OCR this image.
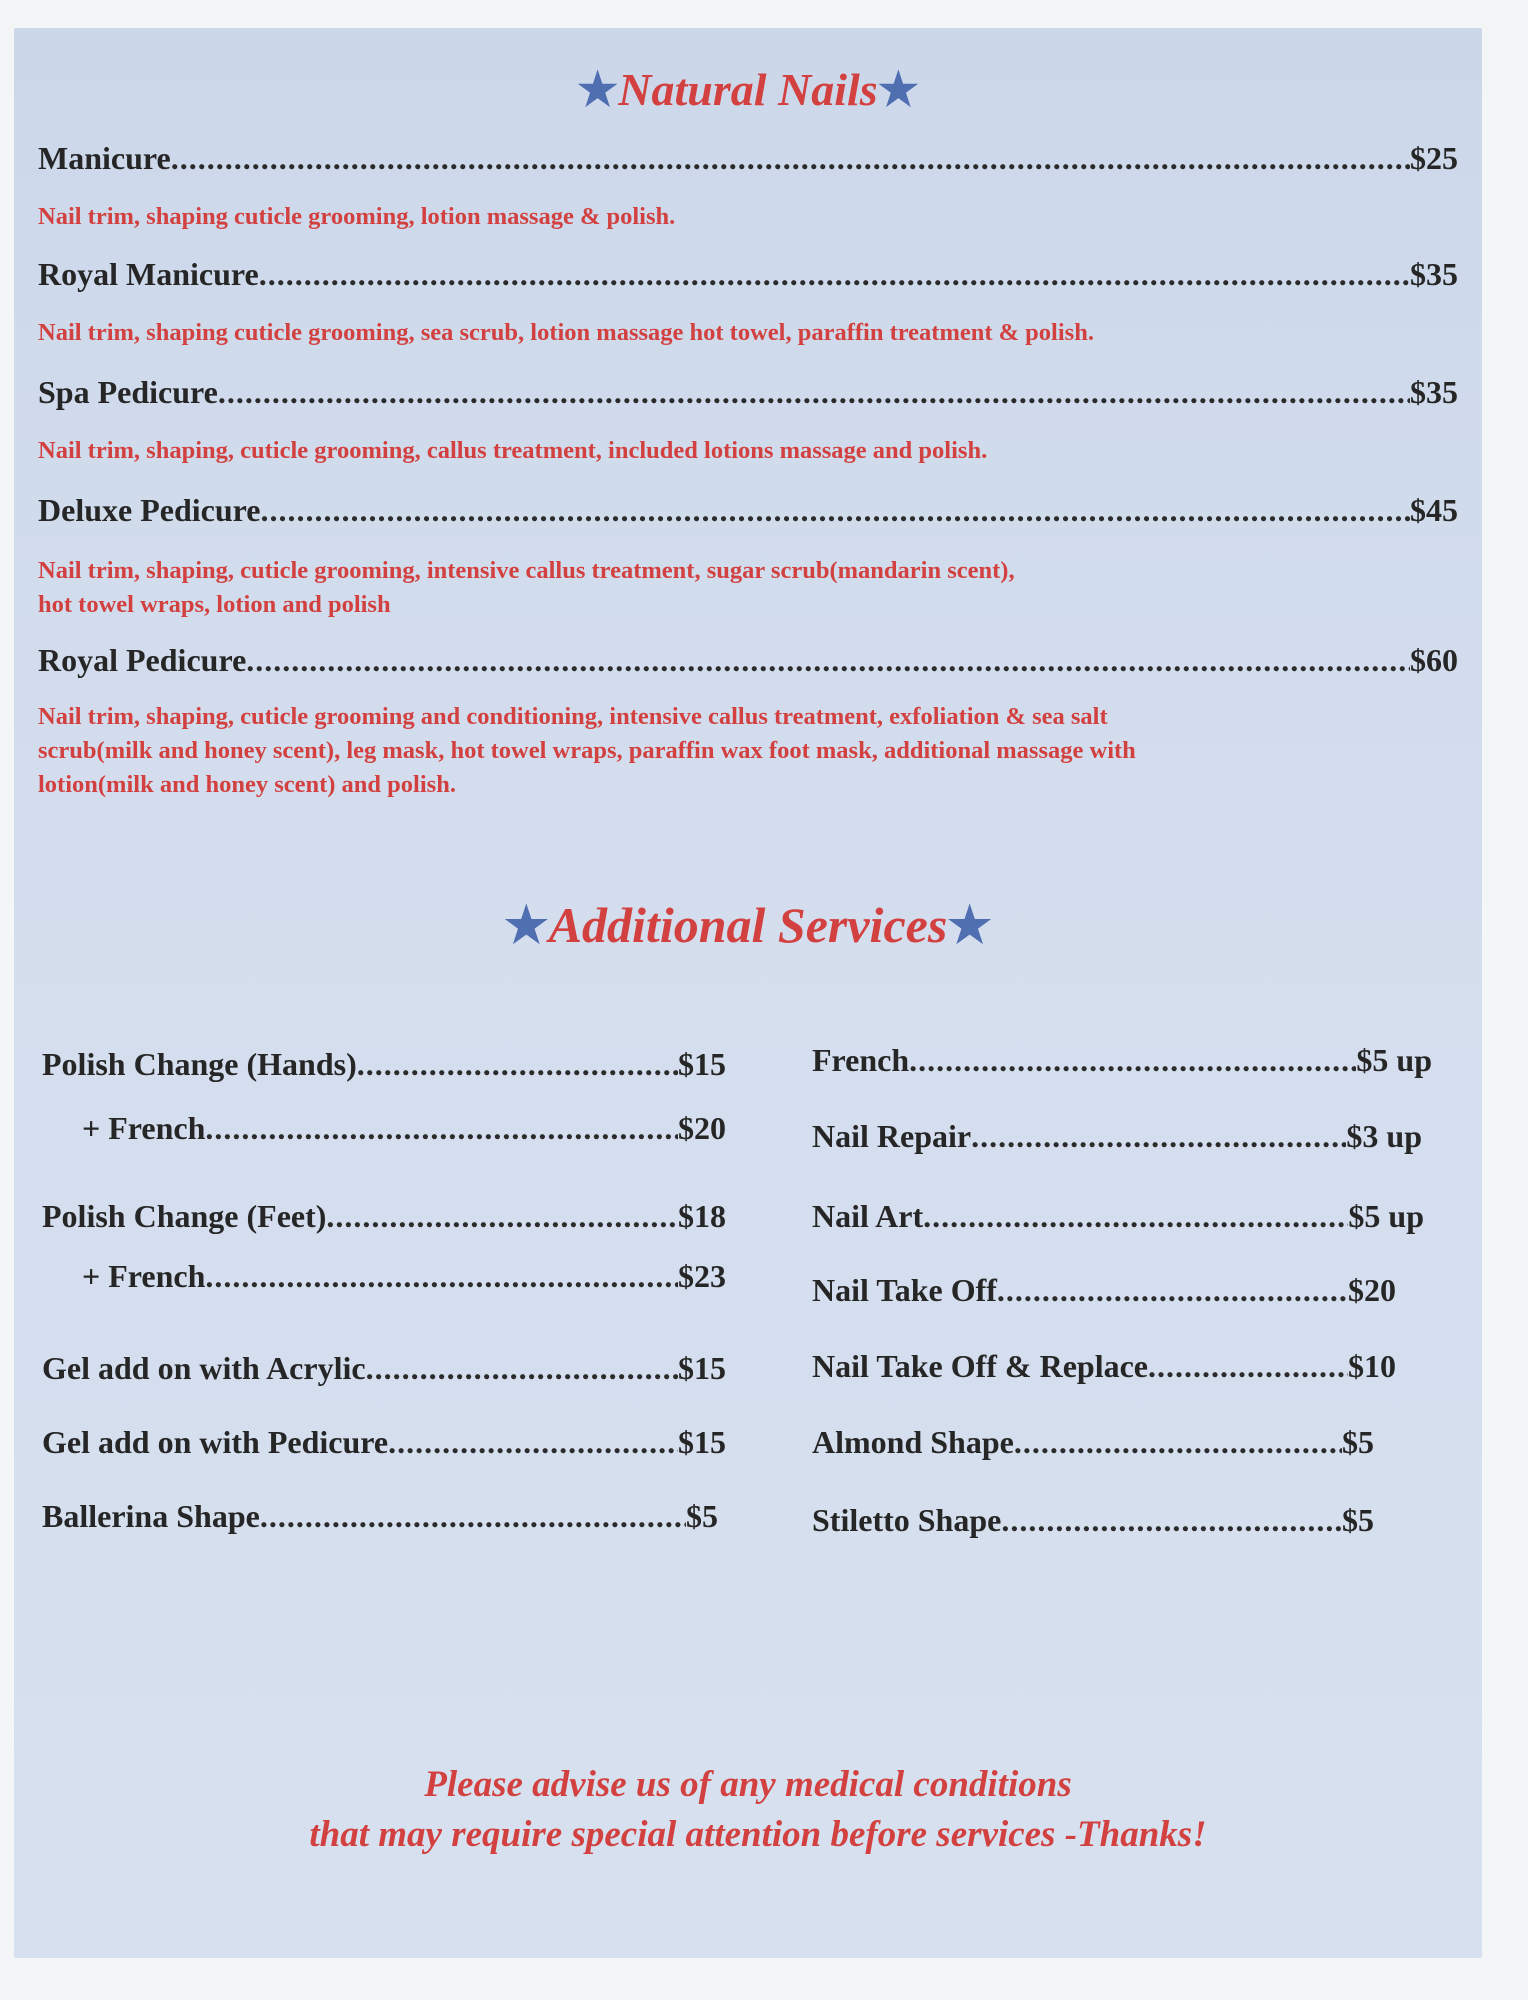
★Natural Nails★
Manicure .....	$25
Nail trim, shaping cuticle grooming, lotion massage & polish.
Royal Manicure .....	$35
Nail trim, shaping cuticle grooming, sea scrub, lotion massage hot towel, paraffin treatment & polish.
Spa Pedicure .....	$35
Nail trim, shaping, cuticle grooming, callus treatment, included lotions massage and polish.
Deluxe Pedicure .....	$45
Nail trim, shaping, cuticle grooming, intensive callus treatment, sugar scrub(mandarin scent),
hot towel wraps, lotion and polish
Royal Pedicure .....	$60
Nail trim, shaping, cuticle grooming and conditioning, intensive callus treatment, exfoliation & sea salt
scrub(milk and honey scent), leg mask, hot towel wraps, paraffin wax foot mask, additional massage with
lotion(milk and honey scent) and polish.
★Additional Services★
Polish Change (Hands) .....	$15
+ French .....	$20
Polish Change (Feet) .....	$18
+ French .....	$23
Gel add on with Acrylic .....	$15
Gel add on with Pedicure .....	$15
Ballerina Shape .....	$5
French .....	$5 up
Nail Repair .....	$3 up
Nail Art .....	$5 up
Nail Take Off .....	$20
Nail Take Off & Replace .....	$10
Almond Shape .....	$5
Stiletto Shape .....	$5
Please advise us of any medical conditions
that may require special attention before services -Thanks!
